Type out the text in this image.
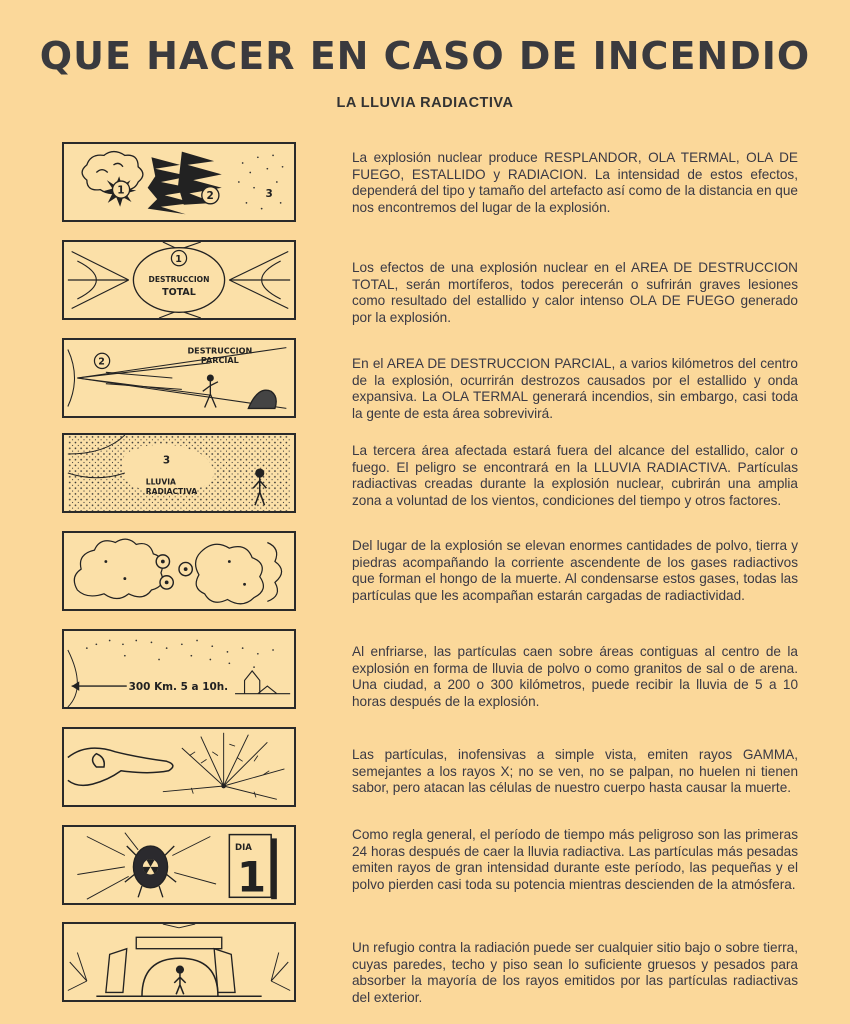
QUE HACER EN CASO DE INCENDIO
LA LLUVIA RADIACTIVA
1	2	3
1
DESTRUCCION
TOTAL
2
DESTRUCCION
PARCIAL
3
LLUVIA
RADIACTIVA
300 Km. 5 a 10h.
DIA
1

La explosión nuclear produce RESPLANDOR, OLA TERMAL, OLA DE FUEGO, ESTALLIDO y RADIACION. La intensidad de estos efectos, dependerá del tipo y tamaño del artefacto así como de la distancia en que nos encontremos del lugar de la explosión.

Los efectos de una explosión nuclear en el AREA DE DESTRUCCION TOTAL, serán mortíferos, todos perecerán o sufrirán graves lesiones como resultado del estallido y calor intenso OLA DE FUEGO generado por la explosión.

En el AREA DE DESTRUCCION PARCIAL, a varios kilómetros del centro de la explosión, ocurrirán destrozos causados por el estallido y onda expansiva. La OLA TERMAL generará incendios, sin embargo, casi toda la gente de esta área sobrevivirá.

La tercera área afectada estará fuera del alcance del estallido, calor o fuego. El peligro se encontrará en la LLUVIA RADIACTIVA. Partículas radiactivas creadas durante la explosión nuclear, cubrirán una amplia zona a voluntad de los vientos, condiciones del tiempo y otros factores.

Del lugar de la explosión se elevan enormes cantidades de polvo, tierra y piedras acompañando la corriente ascendente de los gases radiactivos que forman el hongo de la muerte. Al condensarse estos gases, todas las partículas que les acompañan estarán cargadas de radiactividad.

Al enfriarse, las partículas caen sobre áreas contiguas al centro de la explosión en forma de lluvia de polvo o como granitos de sal o de arena. Una ciudad, a 200 o 300 kilómetros, puede recibir la lluvia de 5 a 10 horas después de la explosión.

Las partículas, inofensivas a simple vista, emiten rayos GAMMA, semejantes a los rayos X; no se ven, no se palpan, no huelen ni tienen sabor, pero atacan las células de nuestro cuerpo hasta causar la muerte.

Como regla general, el período de tiempo más peligroso son las primeras 24 horas después de caer la lluvia radiactiva. Las partículas más pesadas emiten rayos de gran intensidad durante este período, las pequeñas y el polvo pierden casi toda su potencia mientras descienden de la atmósfera.

Un refugio contra la radiación puede ser cualquier sitio bajo o sobre tierra, cuyas paredes, techo y piso sean lo suficiente gruesos y pesados para absorber la mayoría de los rayos emitidos por las partículas radiactivas del exterior.
